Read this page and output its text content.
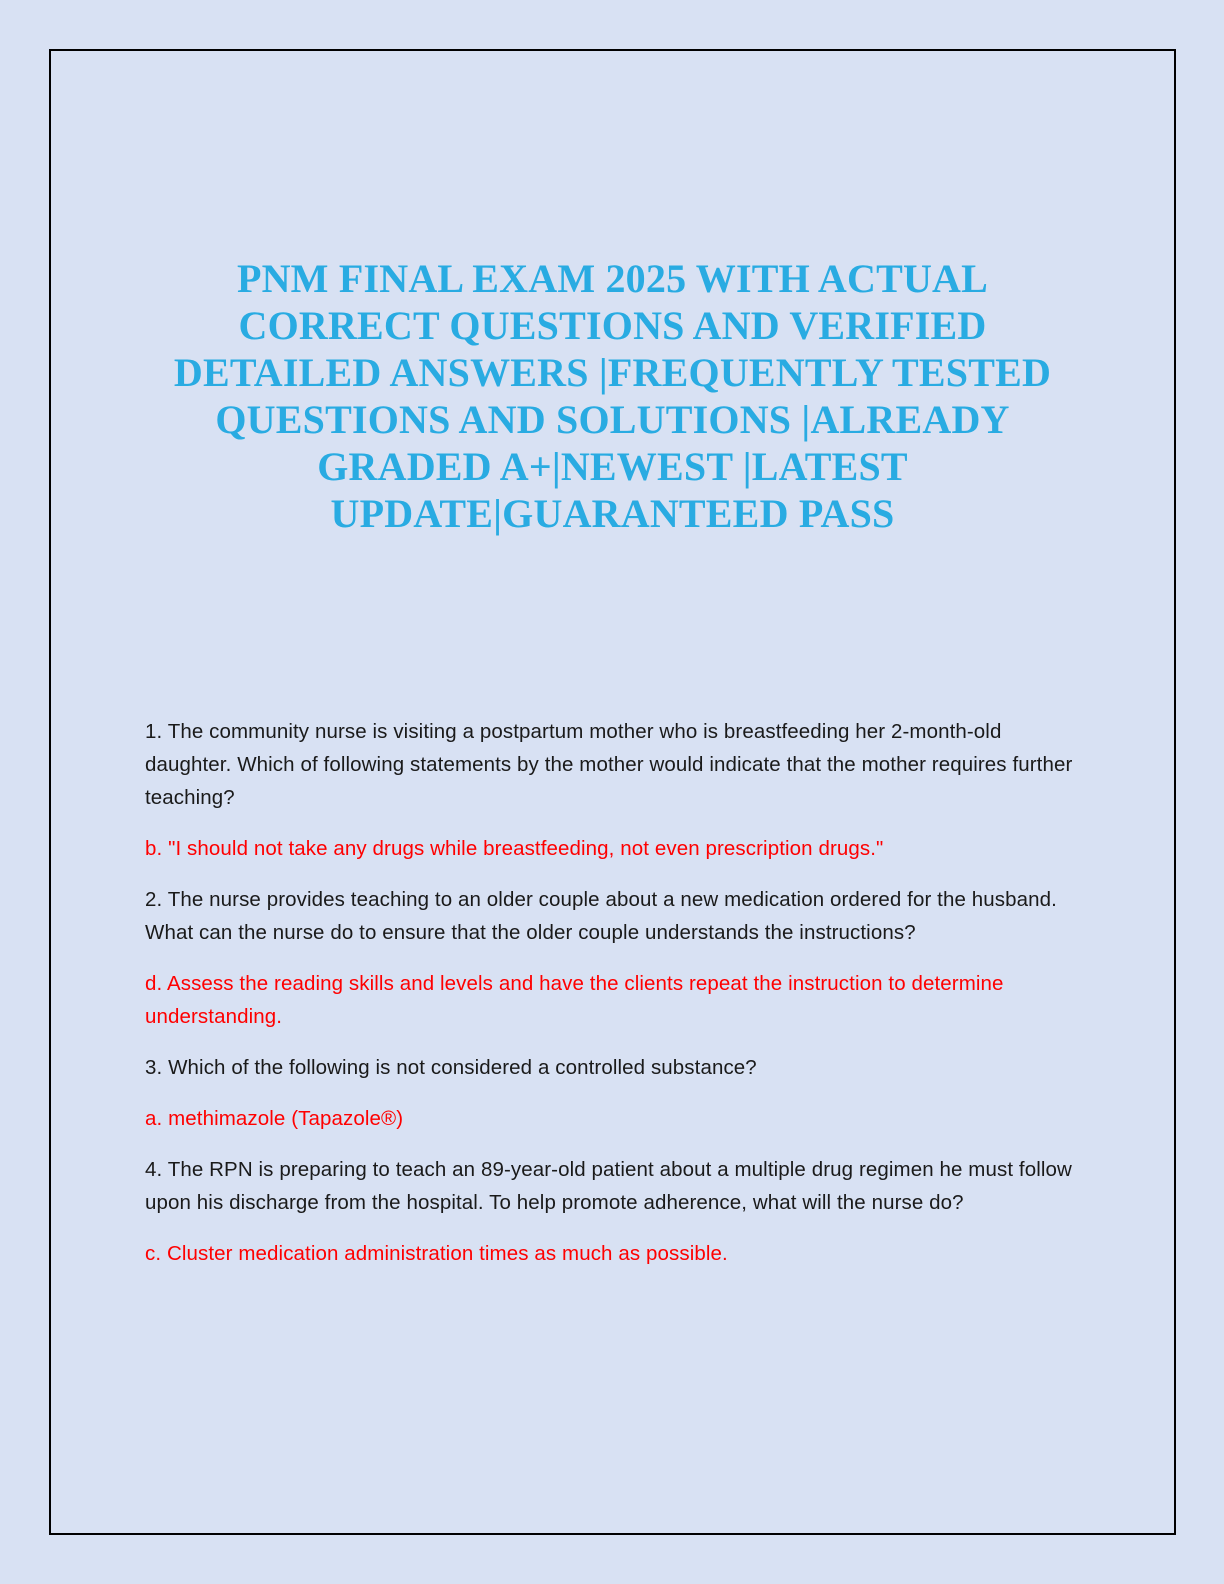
PNM FINAL EXAM 2025 WITH ACTUAL
CORRECT QUESTIONS AND VERIFIED
DETAILED ANSWERS |FREQUENTLY TESTED
QUESTIONS AND SOLUTIONS |ALREADY
GRADED A+|NEWEST |LATEST
UPDATE|GUARANTEED PASS

1. The community nurse is visiting a postpartum mother who is breastfeeding her 2-month-old daughter. Which of following statements by the mother would indicate that the mother requires further teaching?

b. "I should not take any drugs while breastfeeding, not even prescription drugs."

2. The nurse provides teaching to an older couple about a new medication ordered for the husband. What can the nurse do to ensure that the older couple understands the instructions?

d. Assess the reading skills and levels and have the clients repeat the instruction to determine understanding.

3. Which of the following is not considered a controlled substance?

a. methimazole (Tapazole®)

4. The RPN is preparing to teach an 89-year-old patient about a multiple drug regimen he must follow upon his discharge from the hospital. To help promote adherence, what will the nurse do?

c. Cluster medication administration times as much as possible.
